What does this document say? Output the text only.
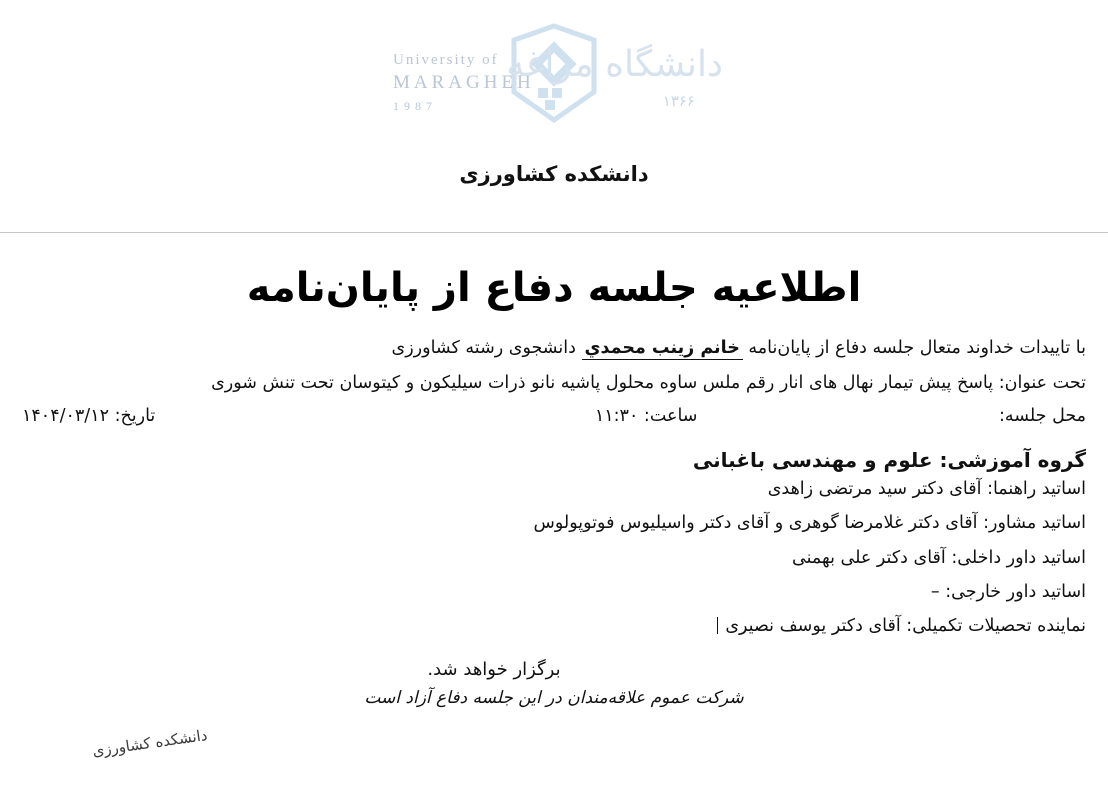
University of
MARAGHEH
1987
دانشگاه مراغه
۱۳۶۶
دانشکده کشاورزی
اطلاعیه جلسه دفاع از پایان‌نامه
با تاییدات خداوند متعال جلسه دفاع از پایان‌نامه خانم زینب محمدي دانشجوی رشته کشاورزی
تحت عنوان: پاسخ پیش تیمار نهال های انار رقم ملس ساوه محلول پاشیه نانو ذرات سیلیکون و کیتوسان تحت تنش شوری
محل جلسه:
ساعت: ۱۱:۳۰
تاریخ: ۱۴۰۴/۰۳/۱۲
گروه آموزشی: علوم و مهندسی باغبانی
اساتید راهنما: آقای دکتر سید مرتضی زاهدی
اساتید مشاور: آقای دکتر غلامرضا گوهری و آقای دکتر واسیلیوس فوتوپولوس
اساتید داور داخلی: آقای دکتر علی بهمنی
اساتید داور خارجی: –
نماینده تحصیلات تکمیلی: آقای دکتر یوسف نصیری
برگزار خواهد شد.
شرکت عموم علاقه‌مندان در این جلسه دفاع آزاد است
دانشکده کشاورزی
